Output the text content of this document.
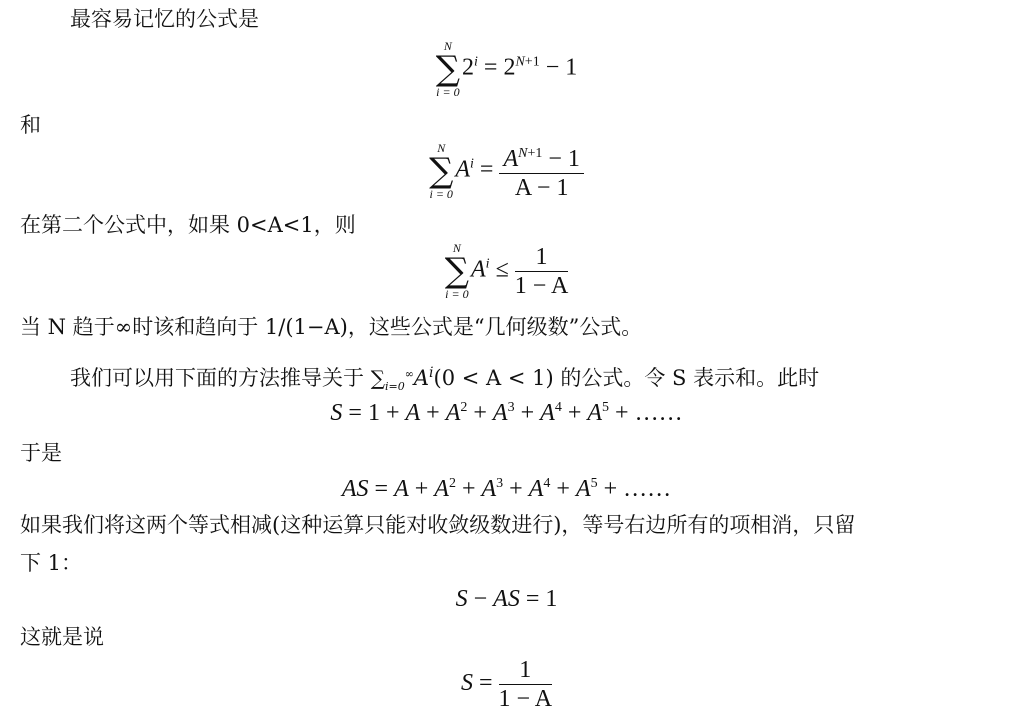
最容易记忆的公式是
N
∑
i = 0
$2^i = 2^{N+1} - 1$
和
N
∑
i = 0
$A^i = \frac{A^{N+1} - 1}{A - 1}$
在第二个公式中，如果 0<A<1，则
N
∑
i = 0
$A^i \le \frac{1}{1 - A}$
当 N 趋于∞时该和趋向于 1/(1−A)，这些公式是“几何级数”公式。
我们可以用下面的方法推导关于 $\sum_{i=0}^\infty A^i(0 < A < 1)$ 的公式。令 S 表示和。此时
$S = 1 + A + A^2 + A^3 + A^4 + A^5$ + ……
于是
AS = $A + A^2 + A^3 + A^4 + A^5$ + ……
如果我们将这两个等式相减(这种运算只能对收敛级数进行)，等号右边所有的项相消，只留
下 1：
S − AS = 1
这就是说
$S = \frac{1}{1 - A}$
